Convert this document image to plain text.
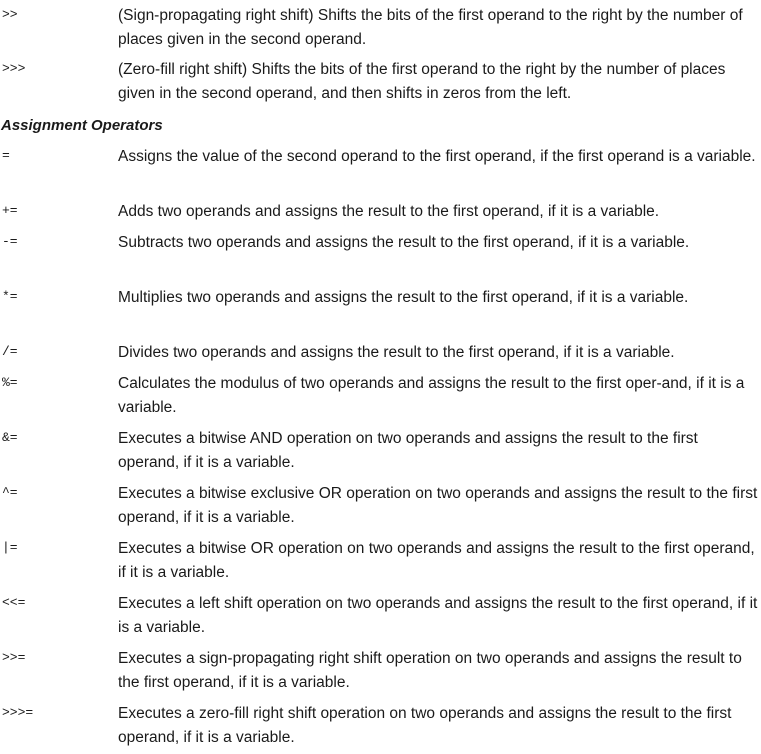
>>	(Sign-propagating right shift) Shifts the bits of the first operand to the right by the number of places given in the second operand.
>>>	(Zero-fill right shift) Shifts the bits of the first operand to the right by the number of places given in the second operand, and then shifts in zeros from the left.
Assignment Operators
=	Assigns the value of the second operand to the first operand, if the first operand is a variable.
+=	Adds two operands and assigns the result to the first operand, if it is a variable.
-=	Subtracts two operands and assigns the result to the first operand, if it is a variable.
*=	Multiplies two operands and assigns the result to the first operand, if it is a variable.
/=	Divides two operands and assigns the result to the first operand, if it is a variable.
%=	Calculates the modulus of two operands and assigns the result to the first oper-and, if it is a variable.
&=	Executes a bitwise AND operation on two operands and assigns the result to the first operand, if it is a variable.
^=	Executes a bitwise exclusive OR operation on two operands and assigns the result to the first operand, if it is a variable.
|=	Executes a bitwise OR operation on two operands and assigns the result to the first operand, if it is a variable.
<<=	Executes a left shift operation on two operands and assigns the result to the first operand, if it is a variable.
>>=	Executes a sign-propagating right shift operation on two operands and assigns the result to the first operand, if it is a variable.
>>>=	Executes a zero-fill right shift operation on two operands and assigns the result to the first operand, if it is a variable.
